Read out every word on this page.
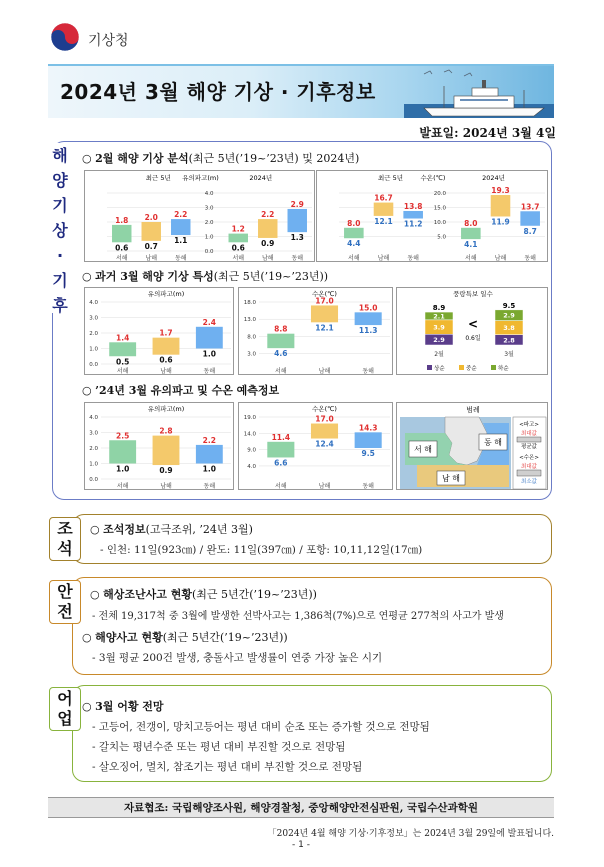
기상청
2024년 3월 해양 기상 · 기후정보
발표일: 2024년 3월 4일
해
양
기
상
·
기
후
○ 2월 해양 기상 분석(최근 5년(’19~’23년) 및 2024년)
○ 과거 3월 해양 기상 특성(최근 5년(’19~’23년))
○ ’24년 3월 유의파고 및 수온 예측정보
유의파고(m)
최근 5년	2024년
0.0
1.0
2.0
3.0
4.0
1.8
0.6
서해
2.0
0.7
남해
2.2
1.1
동해
1.2
0.6
서해
2.2
0.9
남해
2.9
1.3
동해
수온(℃)
최근 5년	2024년
5.0
10.0
15.0
20.0
8.0
4.4
서해
16.7
12.1
남해
13.8
11.2
동해
8.0
4.1
서해
19.3
11.9
남해
13.7
8.7
동해
유의파고(m)
0.0
1.0
2.0
3.0
4.0
1.4
0.5
서해
1.7
0.6
남해
2.4
1.0
동해
수온(℃)
3.0
8.0
13.0
18.0
8.8
4.6
서해
17.0
12.1
남해
15.0
11.3
동해
풍랑특보 일수
2.9
3.9
2.1
8.9
2월
2.8
3.8
2.9
9.5
3월
<
0.6일
상순	중순	하순
유의파고(m)
0.0
1.0
2.0
3.0
4.0
2.5
1.0
서해
2.8
0.9
남해
2.2
1.0
동해
수온(℃)
4.0
9.0
14.0
19.0
11.4
6.6
서해
17.0
12.4
남해
14.3
9.5
동해
범례
서 해
동 해
남 해
<파고>
최대값
평균값
<수온>
최대값
최소값
조
석
○ 조석정보(고극조위, ’24년 3월)
- 인천: 11일(923㎝) / 완도: 11일(397㎝) / 포항: 10,11,12일(17㎝)
안
전
○ 해상조난사고 현황(최근 5년간(’19~’23년))
- 전체 19,317척 중 3월에 발생한 선박사고는 1,386척(7%)으로 연평균 277척의 사고가 발생
○ 해양사고 현황(최근 5년간(’19~’23년))
- 3월 평균 200건 발생, 충돌사고 발생률이 연중 가장 높은 시기
어
업
○ 3월 어황 전망
- 고등어, 전갱이, 망치고등어는 평년 대비 순조 또는 증가할 것으로 전망됨
- 갈치는 평년수준 또는 평년 대비 부진할 것으로 전망됨
- 살오징어, 멸치, 참조기는 평년 대비 부진할 것으로 전망됨
자료협조: 국립해양조사원, 해양경찰청, 중앙해양안전심판원, 국립수산과학원
「2024년 4월 해양 기상·기후정보」는 2024년 3월 29일에 발표됩니다.
- 1 -
